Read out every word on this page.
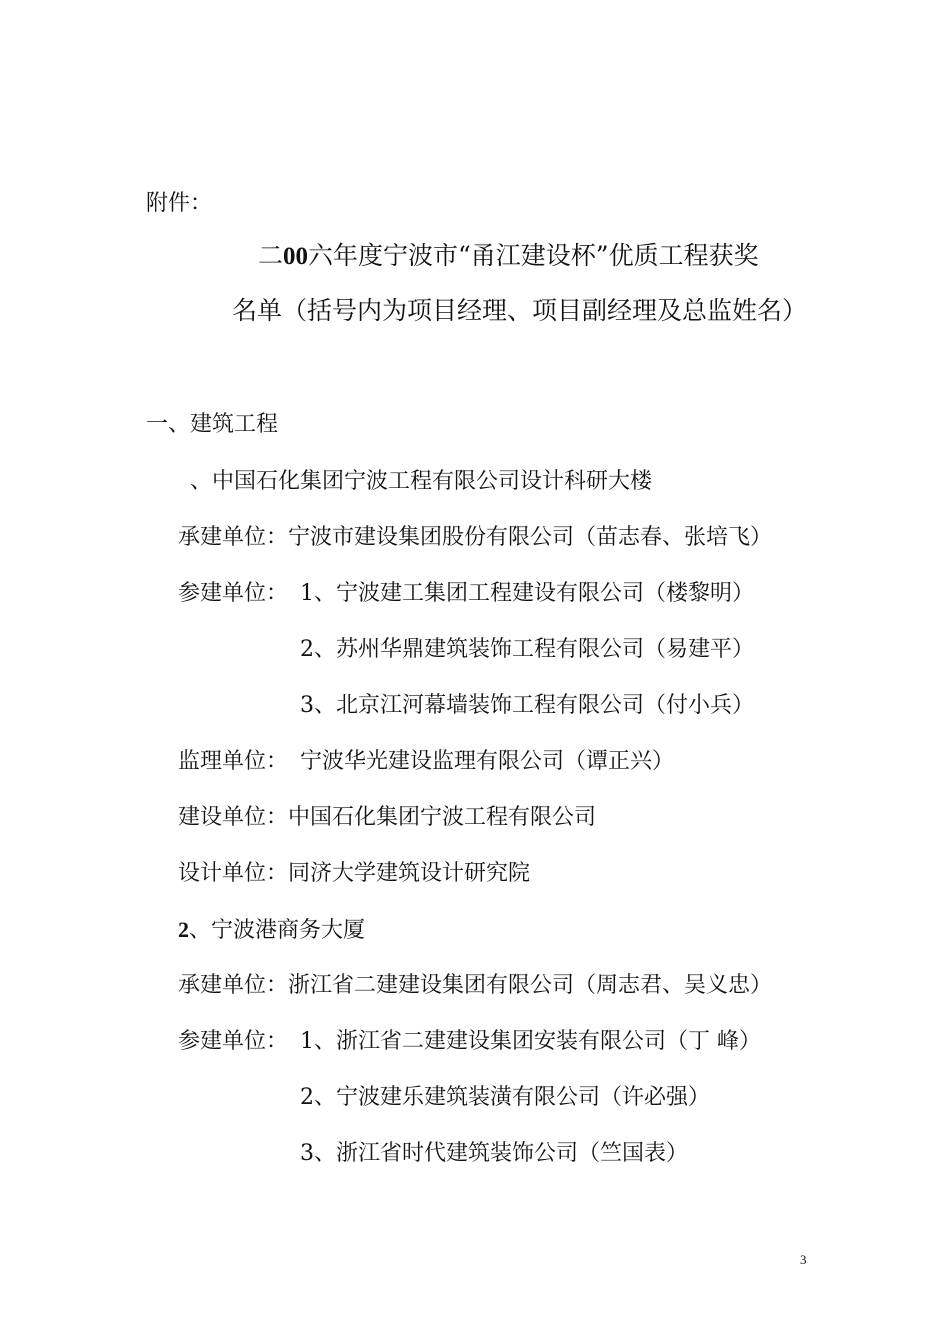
附件：
二00六年度宁波市“甬江建设杯”优质工程获奖
名单（括号内为项目经理、项目副经理及总监姓名）
一、建筑工程
、中国石化集团宁波工程有限公司设计科研大楼
承建单位：宁波市建设集团股份有限公司（苗志春、张培飞）
参建单位： 1、宁波建工集团工程建设有限公司（楼黎明）
2、苏州华鼎建筑装饰工程有限公司（易建平）
3、北京江河幕墙装饰工程有限公司（付小兵）
监理单位： 宁波华光建设监理有限公司（谭正兴）
建设单位：中国石化集团宁波工程有限公司
设计单位：同济大学建筑设计研究院
2、宁波港商务大厦
承建单位：浙江省二建建设集团有限公司（周志君、吴义忠）
参建单位： 1、浙江省二建建设集团安装有限公司（丁 峰）
2、宁波建乐建筑装潢有限公司（许必强）
3、浙江省时代建筑装饰公司（竺国表）
3
